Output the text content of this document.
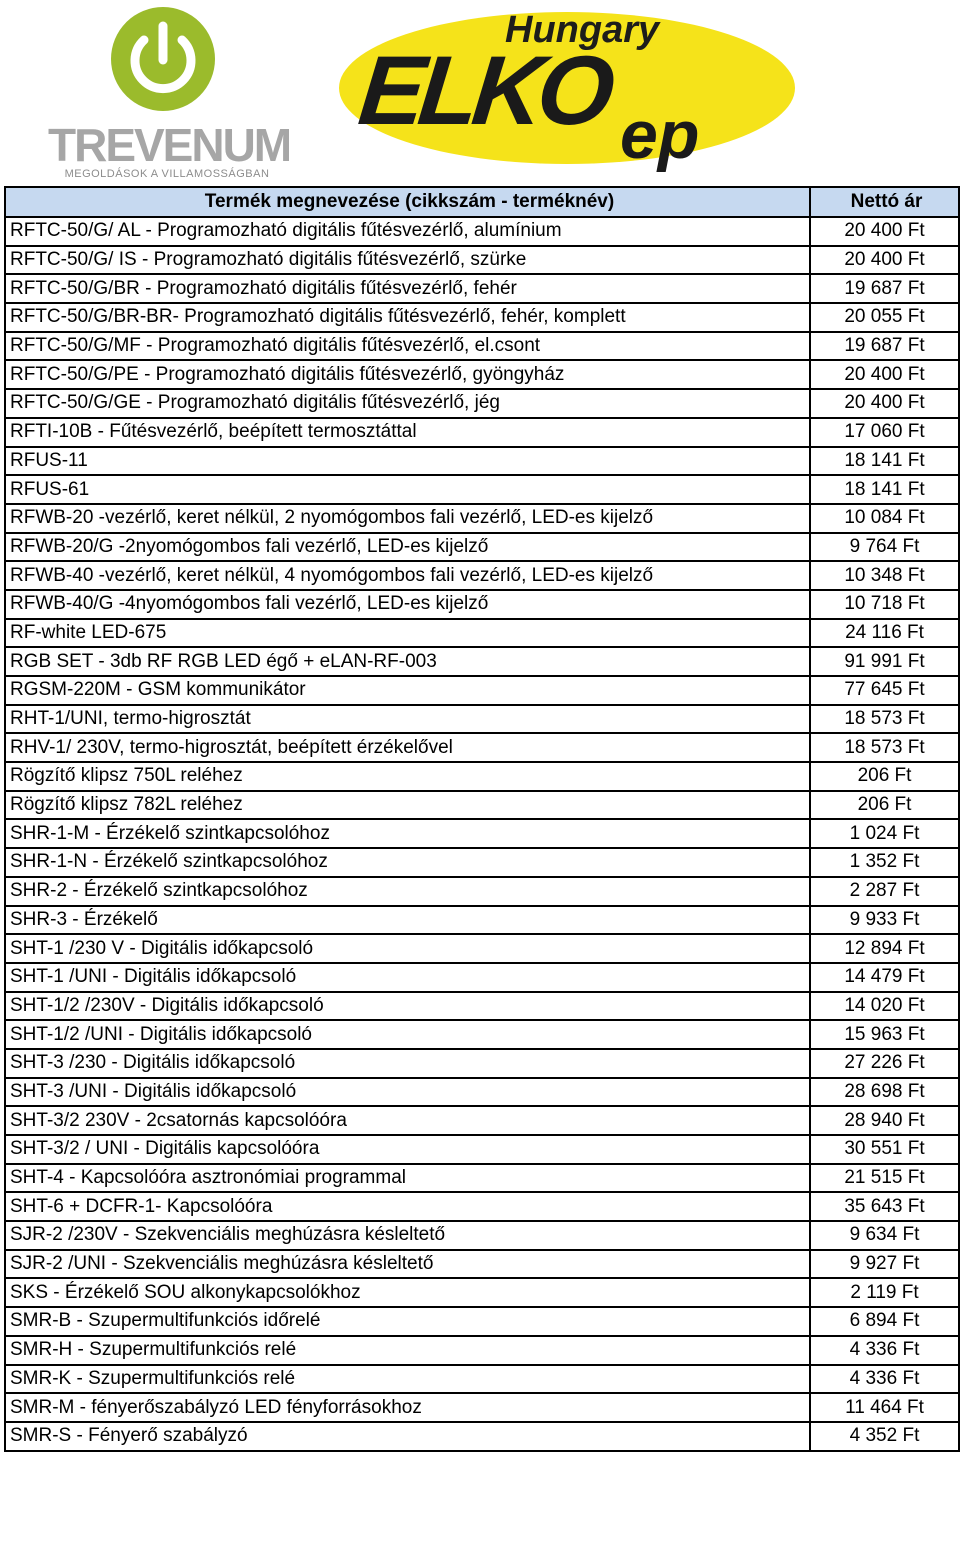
TREVENUM
MEGOLDÁSOK A VILLAMOSSÁGBAN
Hungary
ELKO ep
Termék megnevezése (cikkszám - terméknév)	Nettó ár
RFTC-50/G/ AL - Programozható digitális fűtésvezérlő, alumínium	20 400 Ft
RFTC-50/G/ IS - Programozható digitális fűtésvezérlő, szürke	20 400 Ft
RFTC-50/G/BR - Programozható digitális fűtésvezérlő, fehér	19 687 Ft
RFTC-50/G/BR-BR- Programozható digitális fűtésvezérlő, fehér, komplett	20 055 Ft
RFTC-50/G/MF - Programozható digitális fűtésvezérlő, el.csont	19 687 Ft
RFTC-50/G/PE - Programozható digitális fűtésvezérlő, gyöngyház	20 400 Ft
RFTC-50/G/GE - Programozható digitális fűtésvezérlő, jég	20 400 Ft
RFTI-10B - Fűtésvezérlő, beépített termosztáttal	17 060 Ft
RFUS-11	18 141 Ft
RFUS-61	18 141 Ft
RFWB-20 -vezérlő, keret nélkül, 2 nyomógombos fali vezérlő, LED-es kijelző	10 084 Ft
RFWB-20/G -2nyomógombos fali vezérlő, LED-es kijelző	9 764 Ft
RFWB-40 -vezérlő, keret nélkül, 4 nyomógombos fali vezérlő, LED-es kijelző	10 348 Ft
RFWB-40/G -4nyomógombos fali vezérlő, LED-es kijelző	10 718 Ft
RF-white LED-675	24 116 Ft
RGB SET - 3db RF RGB LED égő + eLAN-RF-003	91 991 Ft
RGSM-220M - GSM kommunikátor	77 645 Ft
RHT-1/UNI, termo-higrosztát	18 573 Ft
RHV-1/ 230V, termo-higrosztát, beépített érzékelővel	18 573 Ft
Rögzítő klipsz 750L reléhez	206 Ft
Rögzítő klipsz 782L reléhez	206 Ft
SHR-1-M - Érzékelő szintkapcsolóhoz	1 024 Ft
SHR-1-N - Érzékelő szintkapcsolóhoz	1 352 Ft
SHR-2 - Érzékelő szintkapcsolóhoz	2 287 Ft
SHR-3 - Érzékelő	9 933 Ft
SHT-1 /230 V - Digitális időkapcsoló	12 894 Ft
SHT-1 /UNI - Digitális időkapcsoló	14 479 Ft
SHT-1/2 /230V - Digitális időkapcsoló	14 020 Ft
SHT-1/2 /UNI - Digitális időkapcsoló	15 963 Ft
SHT-3 /230 - Digitális időkapcsoló	27 226 Ft
SHT-3 /UNI - Digitális időkapcsoló	28 698 Ft
SHT-3/2 230V - 2csatornás kapcsolóóra	28 940 Ft
SHT-3/2 / UNI - Digitális kapcsolóóra	30 551 Ft
SHT-4 - Kapcsolóóra asztronómiai programmal	21 515 Ft
SHT-6 + DCFR-1- Kapcsolóóra	35 643 Ft
SJR-2 /230V - Szekvenciális meghúzásra késleltető	9 634 Ft
SJR-2 /UNI - Szekvenciális meghúzásra késleltető	9 927 Ft
SKS - Érzékelő SOU alkonykapcsolókhoz	2 119 Ft
SMR-B - Szupermultifunkciós időrelé	6 894 Ft
SMR-H - Szupermultifunkciós relé	4 336 Ft
SMR-K - Szupermultifunkciós relé	4 336 Ft
SMR-M - fényerőszabályzó LED fényforrásokhoz	11 464 Ft
SMR-S - Fényerő szabályzó	4 352 Ft
